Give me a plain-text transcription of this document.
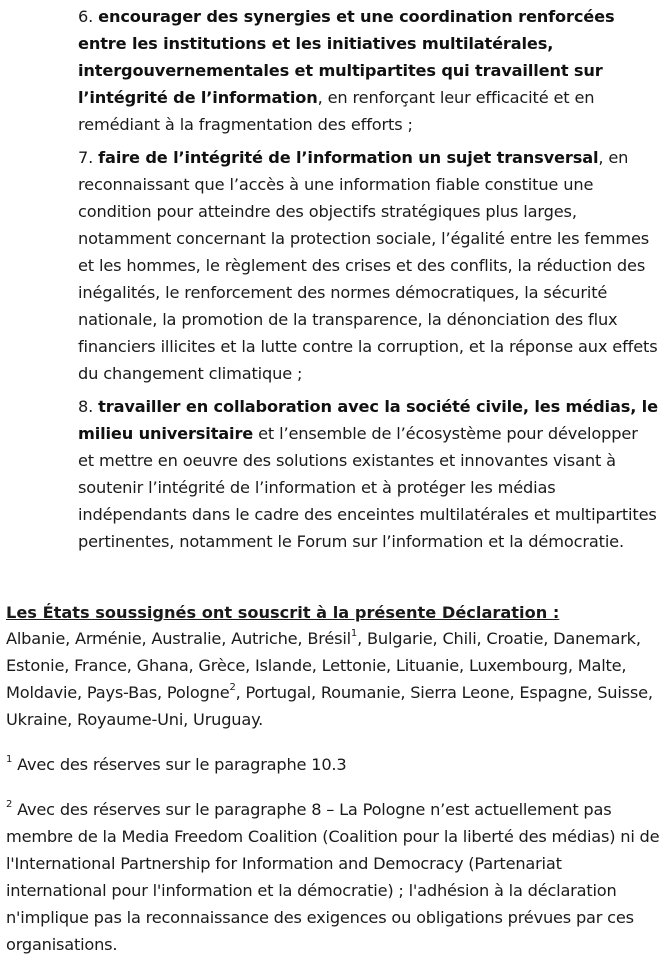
6. encourager des synergies et une coordination renforcées entre les institutions et les initiatives multilatérales, intergouvernementales et multipartites qui travaillent sur l’intégrité de l’information, en renforçant leur efficacité et en remédiant à la fragmentation des efforts ;
7. faire de l’intégrité de l’information un sujet transversal, en reconnaissant que l’accès à une information fiable constitue une condition pour atteindre des objectifs stratégiques plus larges, notamment concernant la protection sociale, l’égalité entre les femmes et les hommes, le règlement des crises et des conflits, la réduction des inégalités, le renforcement des normes démocratiques, la sécurité nationale, la promotion de la transparence, la dénonciation des flux financiers illicites et la lutte contre la corruption, et la réponse aux effets du changement climatique ;
8. travailler en collaboration avec la société civile, les médias, le milieu universitaire et l’ensemble de l’écosystème pour développer et mettre en oeuvre des solutions existantes et innovantes visant à soutenir l’intégrité de l’information et à protéger les médias indépendants dans le cadre des enceintes multilatérales et multipartites pertinentes, notamment le Forum sur l’information et la démocratie.
Les États soussignés ont souscrit à la présente Déclaration :
Albanie, Arménie, Australie, Autriche, Brésil$^1$, Bulgarie, Chili, Croatie, Danemark, Estonie, France, Ghana, Grèce, Islande, Lettonie, Lituanie, Luxembourg, Malte, Moldavie, Pays-Bas, Pologne$^2$, Portugal, Roumanie, Sierra Leone, Espagne, Suisse, Ukraine, Royaume-Uni, Uruguay.
$^1$ Avec des réserves sur le paragraphe 10.3
$^2$ Avec des réserves sur le paragraphe 8 – La Pologne n’est actuellement pas membre de la Media Freedom Coalition (Coalition pour la liberté des médias) ni de l'International Partnership for Information and Democracy (Partenariat international pour l'information et la démocratie) ; l'adhésion à la déclaration n'implique pas la reconnaissance des exigences ou obligations prévues par ces organisations.
